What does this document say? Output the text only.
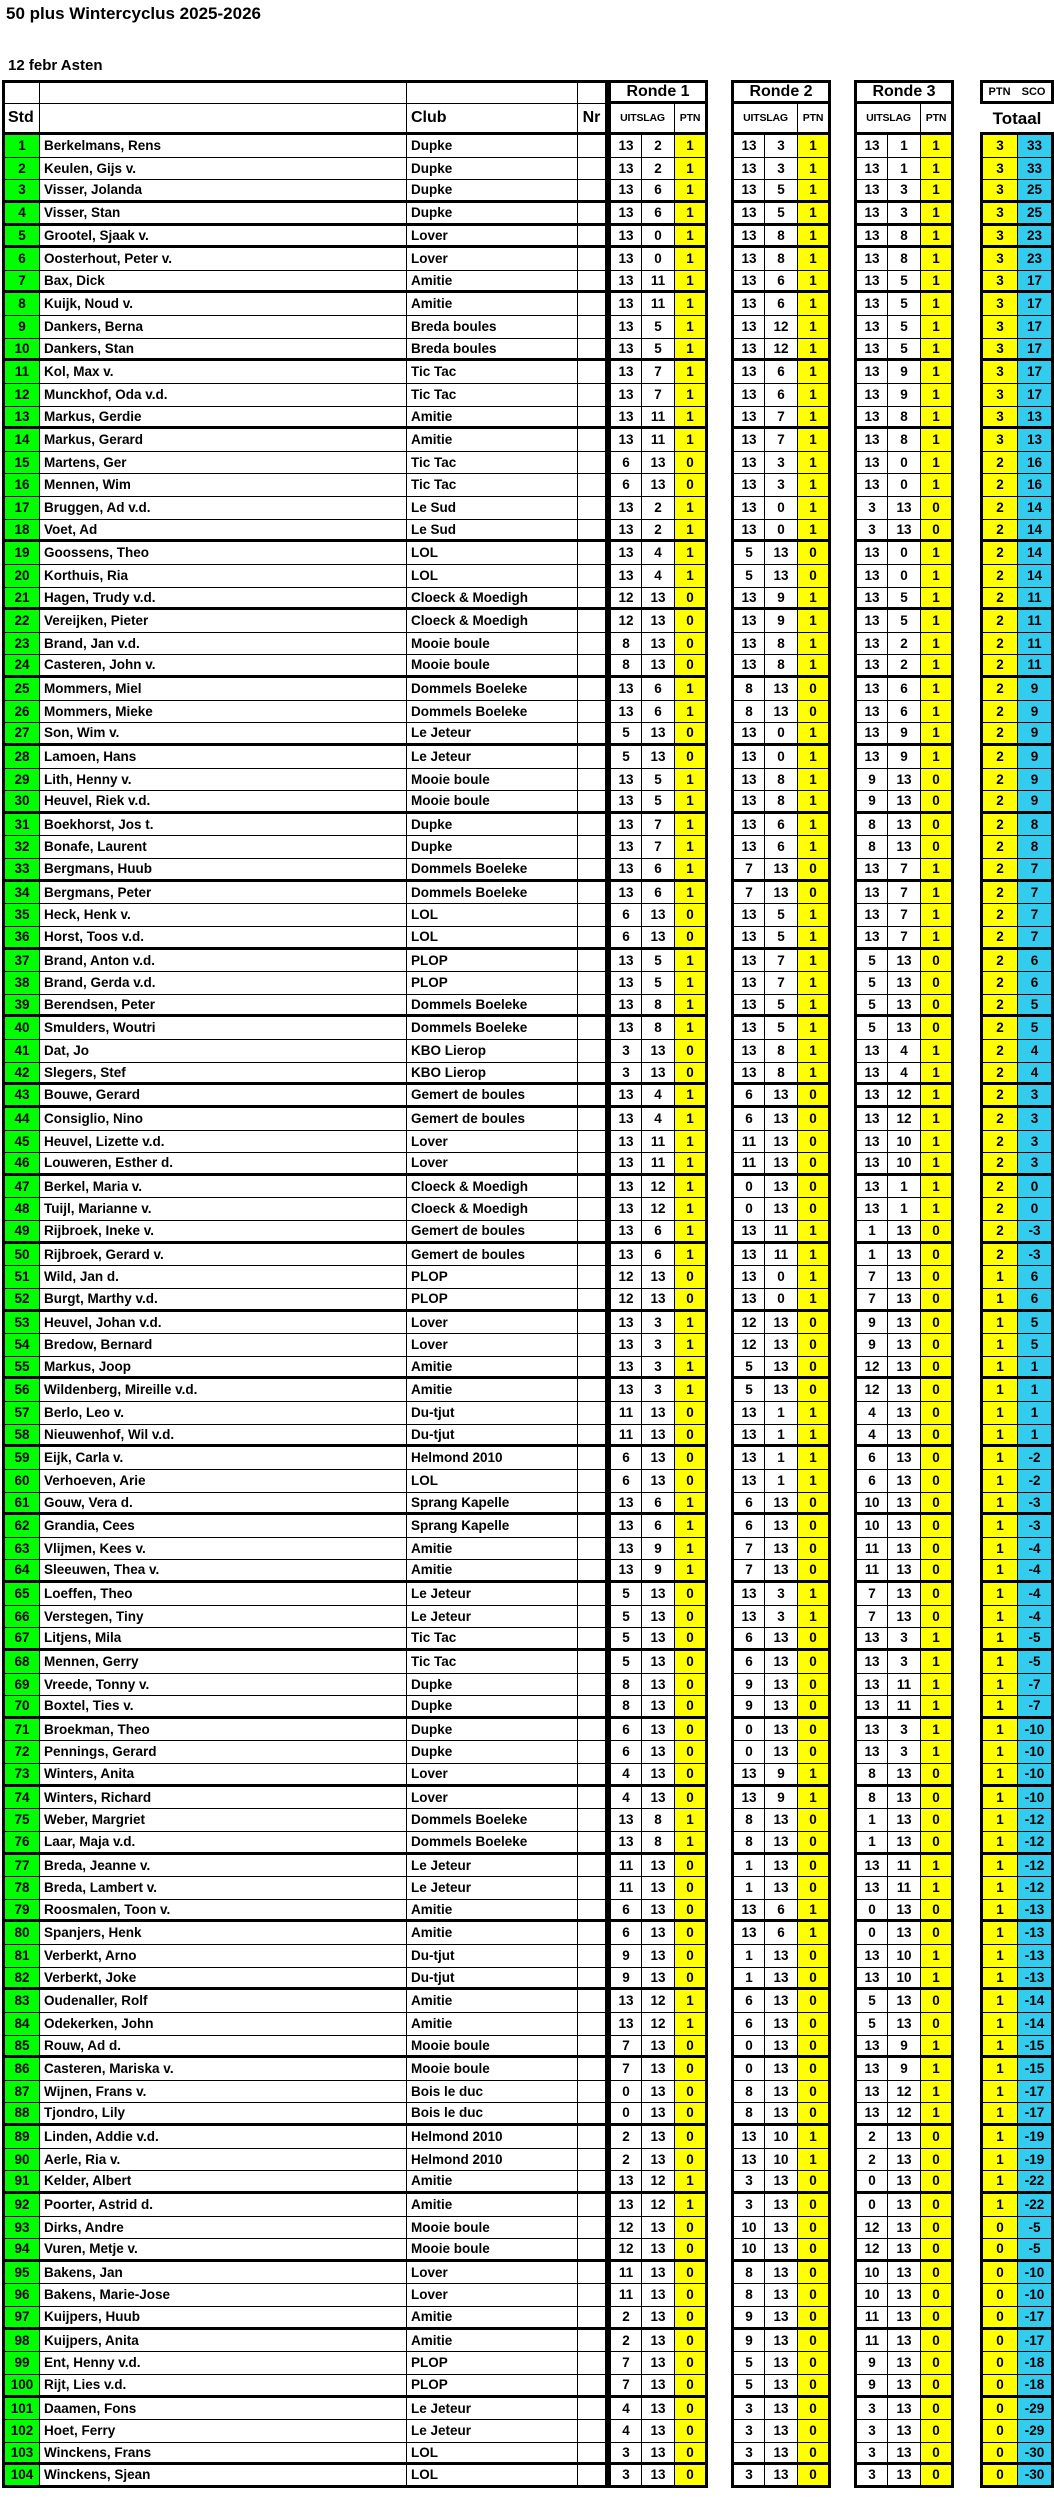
50 plus Wintercyclus 2025-2026
12 febr Asten
Ronde 1	Ronde 2	Ronde 3	PTN SCO
Std	Club	Nr	UITSLAG	PTN	UITSLAG	PTN	UITSLAG	PTN	Totaal
1	Berkelmans, Rens	Dupke	13	2	1	13	3	1	13	1	1	3	33
2	Keulen, Gijs v.	Dupke	13	2	1	13	3	1	13	1	1	3	33
3	Visser, Jolanda	Dupke	13	6	1	13	5	1	13	3	1	3	25
4	Visser, Stan	Dupke	13	6	1	13	5	1	13	3	1	3	25
5	Grootel, Sjaak v.	Lover	13	0	1	13	8	1	13	8	1	3	23
6	Oosterhout, Peter v.	Lover	13	0	1	13	8	1	13	8	1	3	23
7	Bax, Dick	Amitie	13	11	1	13	6	1	13	5	1	3	17
8	Kuijk, Noud v.	Amitie	13	11	1	13	6	1	13	5	1	3	17
9	Dankers, Berna	Breda boules	13	5	1	13	12	1	13	5	1	3	17
10	Dankers, Stan	Breda boules	13	5	1	13	12	1	13	5	1	3	17
11	Kol, Max v.	Tic Tac	13	7	1	13	6	1	13	9	1	3	17
12	Munckhof, Oda v.d.	Tic Tac	13	7	1	13	6	1	13	9	1	3	17
13	Markus, Gerdie	Amitie	13	11	1	13	7	1	13	8	1	3	13
14	Markus, Gerard	Amitie	13	11	1	13	7	1	13	8	1	3	13
15	Martens, Ger	Tic Tac	6	13	0	13	3	1	13	0	1	2	16
16	Mennen, Wim	Tic Tac	6	13	0	13	3	1	13	0	1	2	16
17	Bruggen, Ad v.d.	Le Sud	13	2	1	13	0	1	3	13	0	2	14
18	Voet, Ad	Le Sud	13	2	1	13	0	1	3	13	0	2	14
19	Goossens, Theo	LOL	13	4	1	5	13	0	13	0	1	2	14
20	Korthuis, Ria	LOL	13	4	1	5	13	0	13	0	1	2	14
21	Hagen, Trudy v.d.	Cloeck & Moedigh	12	13	0	13	9	1	13	5	1	2	11
22	Vereijken, Pieter	Cloeck & Moedigh	12	13	0	13	9	1	13	5	1	2	11
23	Brand, Jan v.d.	Mooie boule	8	13	0	13	8	1	13	2	1	2	11
24	Casteren, John v.	Mooie boule	8	13	0	13	8	1	13	2	1	2	11
25	Mommers, Miel	Dommels Boeleke	13	6	1	8	13	0	13	6	1	2	9
26	Mommers, Mieke	Dommels Boeleke	13	6	1	8	13	0	13	6	1	2	9
27	Son, Wim v.	Le Jeteur	5	13	0	13	0	1	13	9	1	2	9
28	Lamoen, Hans	Le Jeteur	5	13	0	13	0	1	13	9	1	2	9
29	Lith, Henny v.	Mooie boule	13	5	1	13	8	1	9	13	0	2	9
30	Heuvel, Riek v.d.	Mooie boule	13	5	1	13	8	1	9	13	0	2	9
31	Boekhorst, Jos t.	Dupke	13	7	1	13	6	1	8	13	0	2	8
32	Bonafe, Laurent	Dupke	13	7	1	13	6	1	8	13	0	2	8
33	Bergmans, Huub	Dommels Boeleke	13	6	1	7	13	0	13	7	1	2	7
34	Bergmans, Peter	Dommels Boeleke	13	6	1	7	13	0	13	7	1	2	7
35	Heck, Henk v.	LOL	6	13	0	13	5	1	13	7	1	2	7
36	Horst, Toos v.d.	LOL	6	13	0	13	5	1	13	7	1	2	7
37	Brand, Anton v.d.	PLOP	13	5	1	13	7	1	5	13	0	2	6
38	Brand, Gerda v.d.	PLOP	13	5	1	13	7	1	5	13	0	2	6
39	Berendsen, Peter	Dommels Boeleke	13	8	1	13	5	1	5	13	0	2	5
40	Smulders, Woutri	Dommels Boeleke	13	8	1	13	5	1	5	13	0	2	5
41	Dat, Jo	KBO Lierop	3	13	0	13	8	1	13	4	1	2	4
42	Slegers, Stef	KBO Lierop	3	13	0	13	8	1	13	4	1	2	4
43	Bouwe, Gerard	Gemert de boules	13	4	1	6	13	0	13	12	1	2	3
44	Consiglio, Nino	Gemert de boules	13	4	1	6	13	0	13	12	1	2	3
45	Heuvel, Lizette v.d.	Lover	13	11	1	11	13	0	13	10	1	2	3
46	Louweren, Esther d.	Lover	13	11	1	11	13	0	13	10	1	2	3
47	Berkel, Maria v.	Cloeck & Moedigh	13	12	1	0	13	0	13	1	1	2	0
48	Tuijl, Marianne v.	Cloeck & Moedigh	13	12	1	0	13	0	13	1	1	2	0
49	Rijbroek, Ineke v.	Gemert de boules	13	6	1	13	11	1	1	13	0	2	-3
50	Rijbroek, Gerard v.	Gemert de boules	13	6	1	13	11	1	1	13	0	2	-3
51	Wild, Jan d.	PLOP	12	13	0	13	0	1	7	13	0	1	6
52	Burgt, Marthy v.d.	PLOP	12	13	0	13	0	1	7	13	0	1	6
53	Heuvel, Johan v.d.	Lover	13	3	1	12	13	0	9	13	0	1	5
54	Bredow, Bernard	Lover	13	3	1	12	13	0	9	13	0	1	5
55	Markus, Joop	Amitie	13	3	1	5	13	0	12	13	0	1	1
56	Wildenberg, Mireille v.d.	Amitie	13	3	1	5	13	0	12	13	0	1	1
57	Berlo, Leo v.	Du-tjut	11	13	0	13	1	1	4	13	0	1	1
58	Nieuwenhof, Wil v.d.	Du-tjut	11	13	0	13	1	1	4	13	0	1	1
59	Eijk, Carla v.	Helmond 2010	6	13	0	13	1	1	6	13	0	1	-2
60	Verhoeven, Arie	LOL	6	13	0	13	1	1	6	13	0	1	-2
61	Gouw, Vera d.	Sprang Kapelle	13	6	1	6	13	0	10	13	0	1	-3
62	Grandia, Cees	Sprang Kapelle	13	6	1	6	13	0	10	13	0	1	-3
63	Vlijmen, Kees v.	Amitie	13	9	1	7	13	0	11	13	0	1	-4
64	Sleeuwen, Thea v.	Amitie	13	9	1	7	13	0	11	13	0	1	-4
65	Loeffen, Theo	Le Jeteur	5	13	0	13	3	1	7	13	0	1	-4
66	Verstegen, Tiny	Le Jeteur	5	13	0	13	3	1	7	13	0	1	-4
67	Litjens, Mila	Tic Tac	5	13	0	6	13	0	13	3	1	1	-5
68	Mennen, Gerry	Tic Tac	5	13	0	6	13	0	13	3	1	1	-5
69	Vreede, Tonny v.	Dupke	8	13	0	9	13	0	13	11	1	1	-7
70	Boxtel, Ties v.	Dupke	8	13	0	9	13	0	13	11	1	1	-7
71	Broekman, Theo	Dupke	6	13	0	0	13	0	13	3	1	1	-10
72	Pennings, Gerard	Dupke	6	13	0	0	13	0	13	3	1	1	-10
73	Winters, Anita	Lover	4	13	0	13	9	1	8	13	0	1	-10
74	Winters, Richard	Lover	4	13	0	13	9	1	8	13	0	1	-10
75	Weber, Margriet	Dommels Boeleke	13	8	1	8	13	0	1	13	0	1	-12
76	Laar, Maja v.d.	Dommels Boeleke	13	8	1	8	13	0	1	13	0	1	-12
77	Breda, Jeanne v.	Le Jeteur	11	13	0	1	13	0	13	11	1	1	-12
78	Breda, Lambert v.	Le Jeteur	11	13	0	1	13	0	13	11	1	1	-12
79	Roosmalen, Toon v.	Amitie	6	13	0	13	6	1	0	13	0	1	-13
80	Spanjers, Henk	Amitie	6	13	0	13	6	1	0	13	0	1	-13
81	Verberkt, Arno	Du-tjut	9	13	0	1	13	0	13	10	1	1	-13
82	Verberkt, Joke	Du-tjut	9	13	0	1	13	0	13	10	1	1	-13
83	Oudenaller, Rolf	Amitie	13	12	1	6	13	0	5	13	0	1	-14
84	Odekerken, John	Amitie	13	12	1	6	13	0	5	13	0	1	-14
85	Rouw, Ad d.	Mooie boule	7	13	0	0	13	0	13	9	1	1	-15
86	Casteren, Mariska v.	Mooie boule	7	13	0	0	13	0	13	9	1	1	-15
87	Wijnen, Frans v.	Bois le duc	0	13	0	8	13	0	13	12	1	1	-17
88	Tjondro, Lily	Bois le duc	0	13	0	8	13	0	13	12	1	1	-17
89	Linden, Addie v.d.	Helmond 2010	2	13	0	13	10	1	2	13	0	1	-19
90	Aerle, Ria v.	Helmond 2010	2	13	0	13	10	1	2	13	0	1	-19
91	Kelder, Albert	Amitie	13	12	1	3	13	0	0	13	0	1	-22
92	Poorter, Astrid d.	Amitie	13	12	1	3	13	0	0	13	0	1	-22
93	Dirks, Andre	Mooie boule	12	13	0	10	13	0	12	13	0	0	-5
94	Vuren, Metje v.	Mooie boule	12	13	0	10	13	0	12	13	0	0	-5
95	Bakens, Jan	Lover	11	13	0	8	13	0	10	13	0	0	-10
96	Bakens, Marie-Jose	Lover	11	13	0	8	13	0	10	13	0	0	-10
97	Kuijpers, Huub	Amitie	2	13	0	9	13	0	11	13	0	0	-17
98	Kuijpers, Anita	Amitie	2	13	0	9	13	0	11	13	0	0	-17
99	Ent, Henny v.d.	PLOP	7	13	0	5	13	0	9	13	0	0	-18
100 Rijt, Lies v.d.	PLOP	7	13	0	5	13	0	9	13	0	0	-18
101 Daamen, Fons	Le Jeteur	4	13	0	3	13	0	3	13	0	0	-29
102 Hoet, Ferry	Le Jeteur	4	13	0	3	13	0	3	13	0	0	-29
103 Winckens, Frans	LOL	3	13	0	3	13	0	3	13	0	0	-30
104 Winckens, Sjean	LOL	3	13	0	3	13	0	3	13	0	0	-30
